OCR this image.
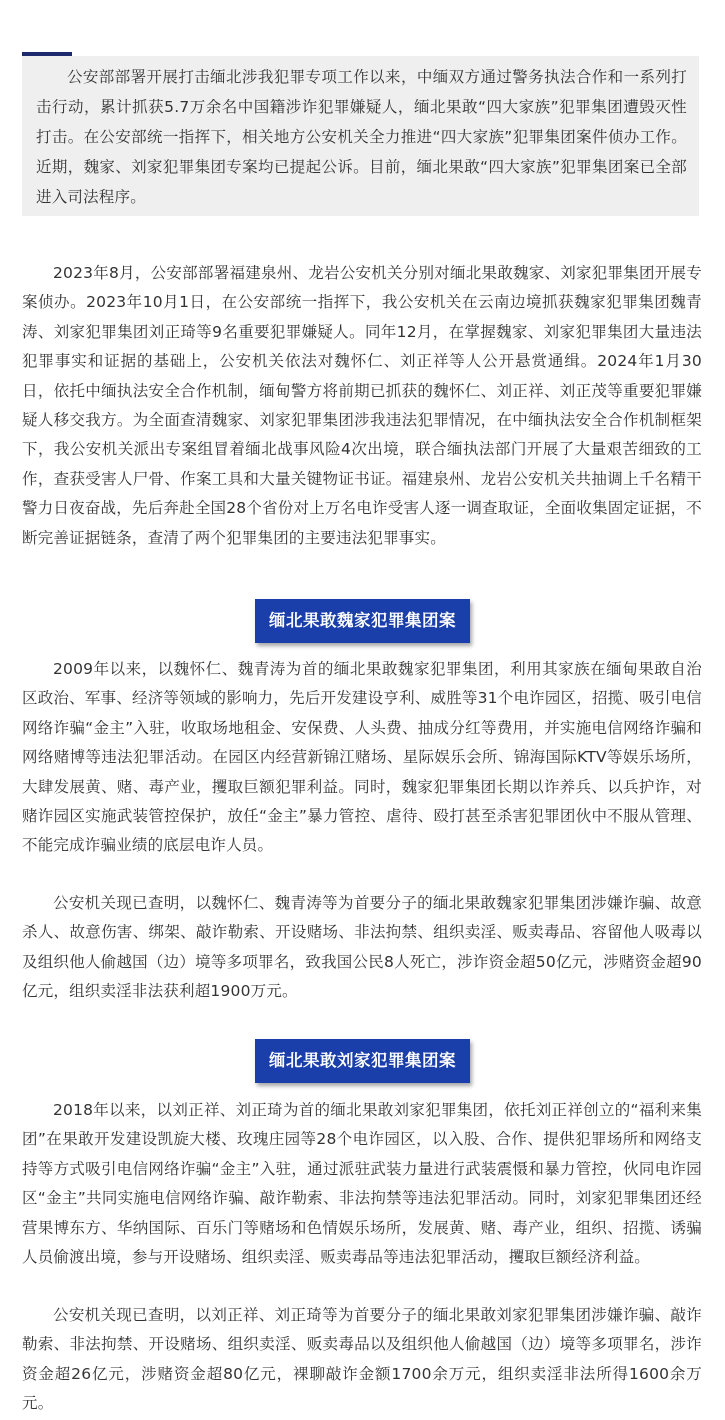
公安部部署开展打击缅北涉我犯罪专项工作以来，中缅双方通过警务执法合作和一系列打击行动，累计抓获5.7万余名中国籍涉诈犯罪嫌疑人，缅北果敢“四大家族”犯罪集团遭毁灭性打击。在公安部统一指挥下，相关地方公安机关全力推进“四大家族”犯罪集团案件侦办工作。近期，魏家、刘家犯罪集团专案均已提起公诉。目前，缅北果敢“四大家族”犯罪集团案已全部进入司法程序。

2023年8月，公安部部署福建泉州、龙岩公安机关分别对缅北果敢魏家、刘家犯罪集团开展专案侦办。2023年10月1日，在公安部统一指挥下，我公安机关在云南边境抓获魏家犯罪集团魏青涛、刘家犯罪集团刘正琦等9名重要犯罪嫌疑人。同年12月，在掌握魏家、刘家犯罪集团大量违法犯罪事实和证据的基础上，公安机关依法对魏怀仁、刘正祥等人公开悬赏通缉。2024年1月30日，依托中缅执法安全合作机制，缅甸警方将前期已抓获的魏怀仁、刘正祥、刘正茂等重要犯罪嫌疑人移交我方。为全面查清魏家、刘家犯罪集团涉我违法犯罪情况，在中缅执法安全合作机制框架下，我公安机关派出专案组冒着缅北战事风险4次出境，联合缅执法部门开展了大量艰苦细致的工作，查获受害人尸骨、作案工具和大量关键物证书证。福建泉州、龙岩公安机关共抽调上千名精干警力日夜奋战，先后奔赴全国28个省份对上万名电诈受害人逐一调查取证，全面收集固定证据，不断完善证据链条，查清了两个犯罪集团的主要违法犯罪事实。

缅北果敢魏家犯罪集团案

2009年以来，以魏怀仁、魏青涛为首的缅北果敢魏家犯罪集团，利用其家族在缅甸果敢自治区政治、军事、经济等领域的影响力，先后开发建设亨利、威胜等31个电诈园区，招揽、吸引电信网络诈骗“金主”入驻，收取场地租金、安保费、人头费、抽成分红等费用，并实施电信网络诈骗和网络赌博等违法犯罪活动。在园区内经营新锦江赌场、星际娱乐会所、锦海国际KTV等娱乐场所，大肆发展黄、赌、毒产业，攫取巨额犯罪利益。同时，魏家犯罪集团长期以诈养兵、以兵护诈，对赌诈园区实施武装管控保护，放任“金主”暴力管控、虐待、殴打甚至杀害犯罪团伙中不服从管理、不能完成诈骗业绩的底层电诈人员。

公安机关现已查明，以魏怀仁、魏青涛等为首要分子的缅北果敢魏家犯罪集团涉嫌诈骗、故意杀人、故意伤害、绑架、敲诈勒索、开设赌场、非法拘禁、组织卖淫、贩卖毒品、容留他人吸毒以及组织他人偷越国（边）境等多项罪名，致我国公民8人死亡，涉诈资金超50亿元，涉赌资金超90亿元，组织卖淫非法获利超1900万元。

缅北果敢刘家犯罪集团案

2018年以来，以刘正祥、刘正琦为首的缅北果敢刘家犯罪集团，依托刘正祥创立的“福利来集团”在果敢开发建设凯旋大楼、玫瑰庄园等28个电诈园区，以入股、合作、提供犯罪场所和网络支持等方式吸引电信网络诈骗“金主”入驻，通过派驻武装力量进行武装震慑和暴力管控，伙同电诈园区“金主”共同实施电信网络诈骗、敲诈勒索、非法拘禁等违法犯罪活动。同时，刘家犯罪集团还经营果博东方、华纳国际、百乐门等赌场和色情娱乐场所，发展黄、赌、毒产业，组织、招揽、诱骗人员偷渡出境，参与开设赌场、组织卖淫、贩卖毒品等违法犯罪活动，攫取巨额经济利益。

公安机关现已查明，以刘正祥、刘正琦等为首要分子的缅北果敢刘家犯罪集团涉嫌诈骗、敲诈勒索、非法拘禁、开设赌场、组织卖淫、贩卖毒品以及组织他人偷越国（边）境等多项罪名，涉诈资金超26亿元，涉赌资金超80亿元，裸聊敲诈金额1700余万元，组织卖淫非法所得1600余万元。
